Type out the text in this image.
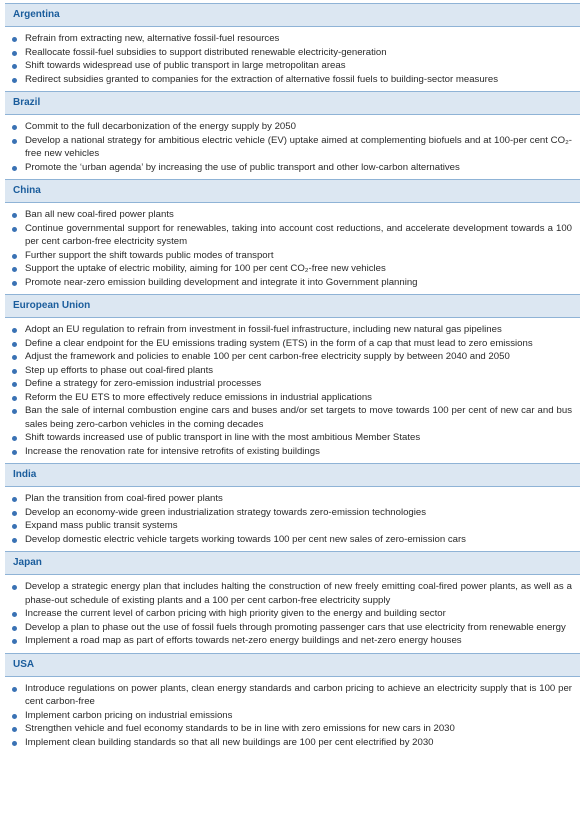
Argentina
Refrain from extracting new, alternative fossil-fuel resources
Reallocate fossil-fuel subsidies to support distributed renewable electricity-generation
Shift towards widespread use of public transport in large metropolitan areas
Redirect subsidies granted to companies for the extraction of alternative fossil fuels to building-sector measures
Brazil
Commit to the full decarbonization of the energy supply by 2050
Develop a national strategy for ambitious electric vehicle (EV) uptake aimed at complementing biofuels and at 100-per cent CO₂-free new vehicles
Promote the ‘urban agenda’ by increasing the use of public transport and other low-carbon alternatives
China
Ban all new coal-fired power plants
Continue governmental support for renewables, taking into account cost reductions, and accelerate development towards a 100 per cent carbon-free electricity system
Further support the shift towards public modes of transport
Support the uptake of electric mobility, aiming for 100 per cent CO₂-free new vehicles
Promote near-zero emission building development and integrate it into Government planning
European Union
Adopt an EU regulation to refrain from investment in fossil-fuel infrastructure, including new natural gas pipelines
Define a clear endpoint for the EU emissions trading system (ETS) in the form of a cap that must lead to zero emissions
Adjust the framework and policies to enable 100 per cent carbon-free electricity supply by between 2040 and 2050
Step up efforts to phase out coal-fired plants
Define a strategy for zero-emission industrial processes
Reform the EU ETS to more effectively reduce emissions in industrial applications
Ban the sale of internal combustion engine cars and buses and/or set targets to move towards 100 per cent of new car and bus sales being zero-carbon vehicles in the coming decades
Shift towards increased use of public transport in line with the most ambitious Member States
Increase the renovation rate for intensive retrofits of existing buildings
India
Plan the transition from coal-fired power plants
Develop an economy-wide green industrialization strategy towards zero-emission technologies
Expand mass public transit systems
Develop domestic electric vehicle targets working towards 100 per cent new sales of zero-emission cars
Japan
Develop a strategic energy plan that includes halting the construction of new freely emitting coal-fired power plants, as well as a phase-out schedule of existing plants and a 100 per cent carbon-free electricity supply
Increase the current level of carbon pricing with high priority given to the energy and building sector
Develop a plan to phase out the use of fossil fuels through promoting passenger cars that use electricity from renewable energy
Implement a road map as part of efforts towards net-zero energy buildings and net-zero energy houses
USA
Introduce regulations on power plants, clean energy standards and carbon pricing to achieve an electricity supply that is 100 per cent carbon-free
Implement carbon pricing on industrial emissions
Strengthen vehicle and fuel economy standards to be in line with zero emissions for new cars in 2030
Implement clean building standards so that all new buildings are 100 per cent electrified by 2030
